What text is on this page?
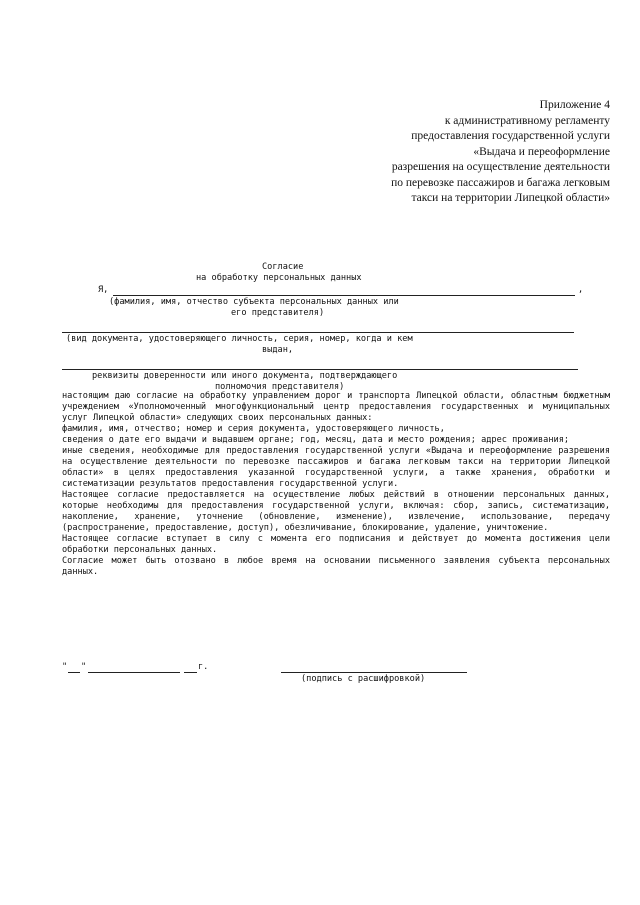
Приложение 4
к административному регламенту
предоставления государственной услуги
«Выдача и переоформление
разрешения на осуществление деятельности
по перевозке пассажиров и багажа легковым
такси на территории Липецкой области»
Согласие
на обработку персональных данных
Я,	,
(фамилия, имя, отчество субъекта персональных данных или
его представителя)
(вид документа, удостоверяющего личность, серия, номер, когда и кем
выдан,
реквизиты доверенности или иного документа, подтверждающего
полномочия представителя)

настоящим даю согласие на обработку управлением дорог и транспорта Липецкой области, областным бюджетным учреждением «Уполномоченный многофункциональный центр предоставления государственных и муниципальных услуг Липецкой области» следующих своих персональных данных:

фамилия, имя, отчество; номер и серия документа, удостоверяющего личность,

сведения о дате его выдачи и выдавшем органе; год, месяц, дата и место рождения; адрес проживания;

иные сведения, необходимые для предоставления государственной услуги «Выдача и переоформление разрешения на осуществление деятельности по перевозке пассажиров и багажа легковым такси на территории Липецкой области» в целях предоставления указанной государственной услуги, а также хранения, обработки и систематизации результатов предоставления государственной услуги.

Настоящее согласие предоставляется на осуществление любых действий в отношении персональных данных, которые необходимы для предоставления государственной услуги, включая: сбор, запись, систематизацию, накопление, хранение, уточнение (обновление, изменение), извлечение, использование, передачу (распространение, предоставление, доступ), обезличивание, блокирование, удаление, уничтожение.

Настоящее согласие вступает в силу с момента его подписания и действует до момента достижения цели обработки персональных данных.

Согласие может быть отозвано в любое время на основании письменного заявления субъекта персональных данных.

" "	г.
(подпись с расшифровкой)
